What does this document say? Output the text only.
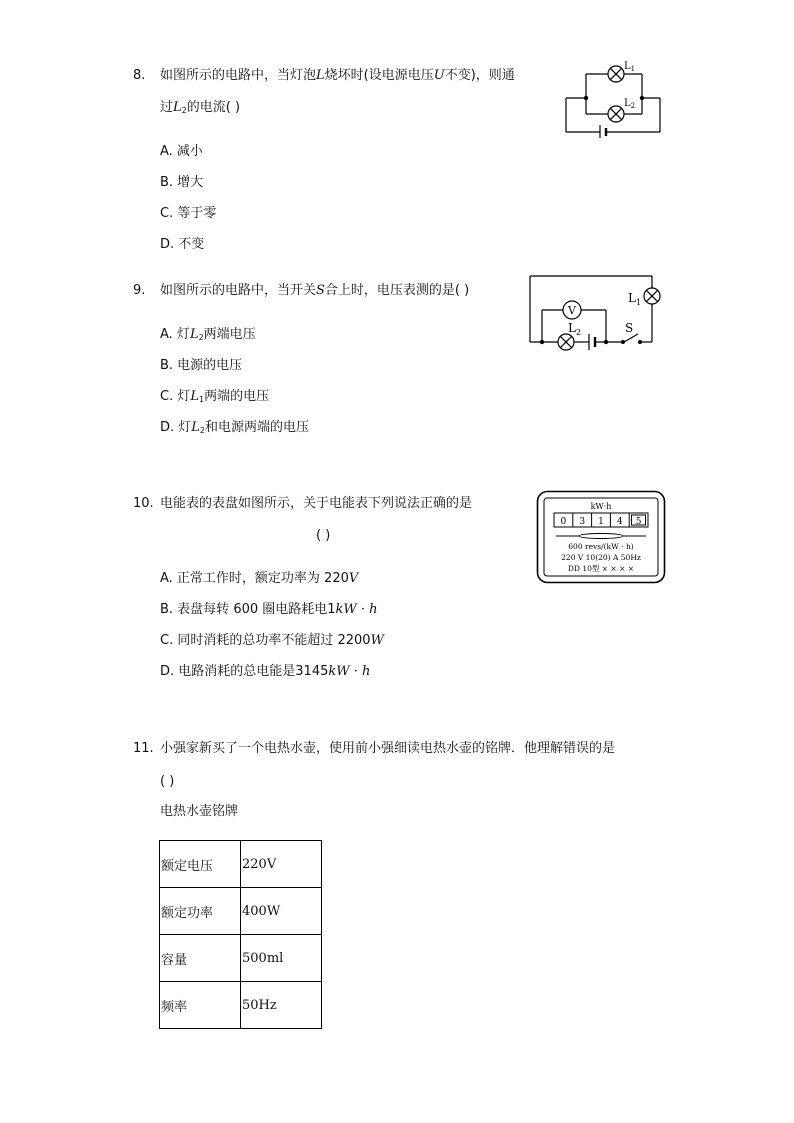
8. 如图所示的电路中，当灯泡L烧坏时(设电源电压U不变)，则通
过$L_2$的电流( )
A. 减小
B. 增大
C. 等于零
D. 不变
$L_1$
$L_2$
9. 如图所示的电路中，当开关S合上时，电压表测的是( )
A. 灯$L_2$两端电压
B. 电源的电压
C. 灯$L_1$两端的电压
D. 灯$L_2$和电源两端的电压
V
$L_1$
$L_2$	S
10. 电能表的表盘如图所示，关于电能表下列说法正确的是
( )
A. 正常工作时，额定功率为 220V
B. 表盘每转 600 圈电路耗电1kW · h
C. 同时消耗的总功率不能超过 2200W
D. 电路消耗的总电能是3145kW · h
kW·h
0 3 1 4 5
600 revs/(kW · h)
220 V 10(20) A 50Hz
DD 10型 × × × ×
11. 小强家新买了一个电热水壶，使用前小强细读电热水壶的铭牌．他理解错误的是
( )
电热水壶铭牌
额定电压	220V
额定功率	400W
容量	500ml
频率	50Hz
